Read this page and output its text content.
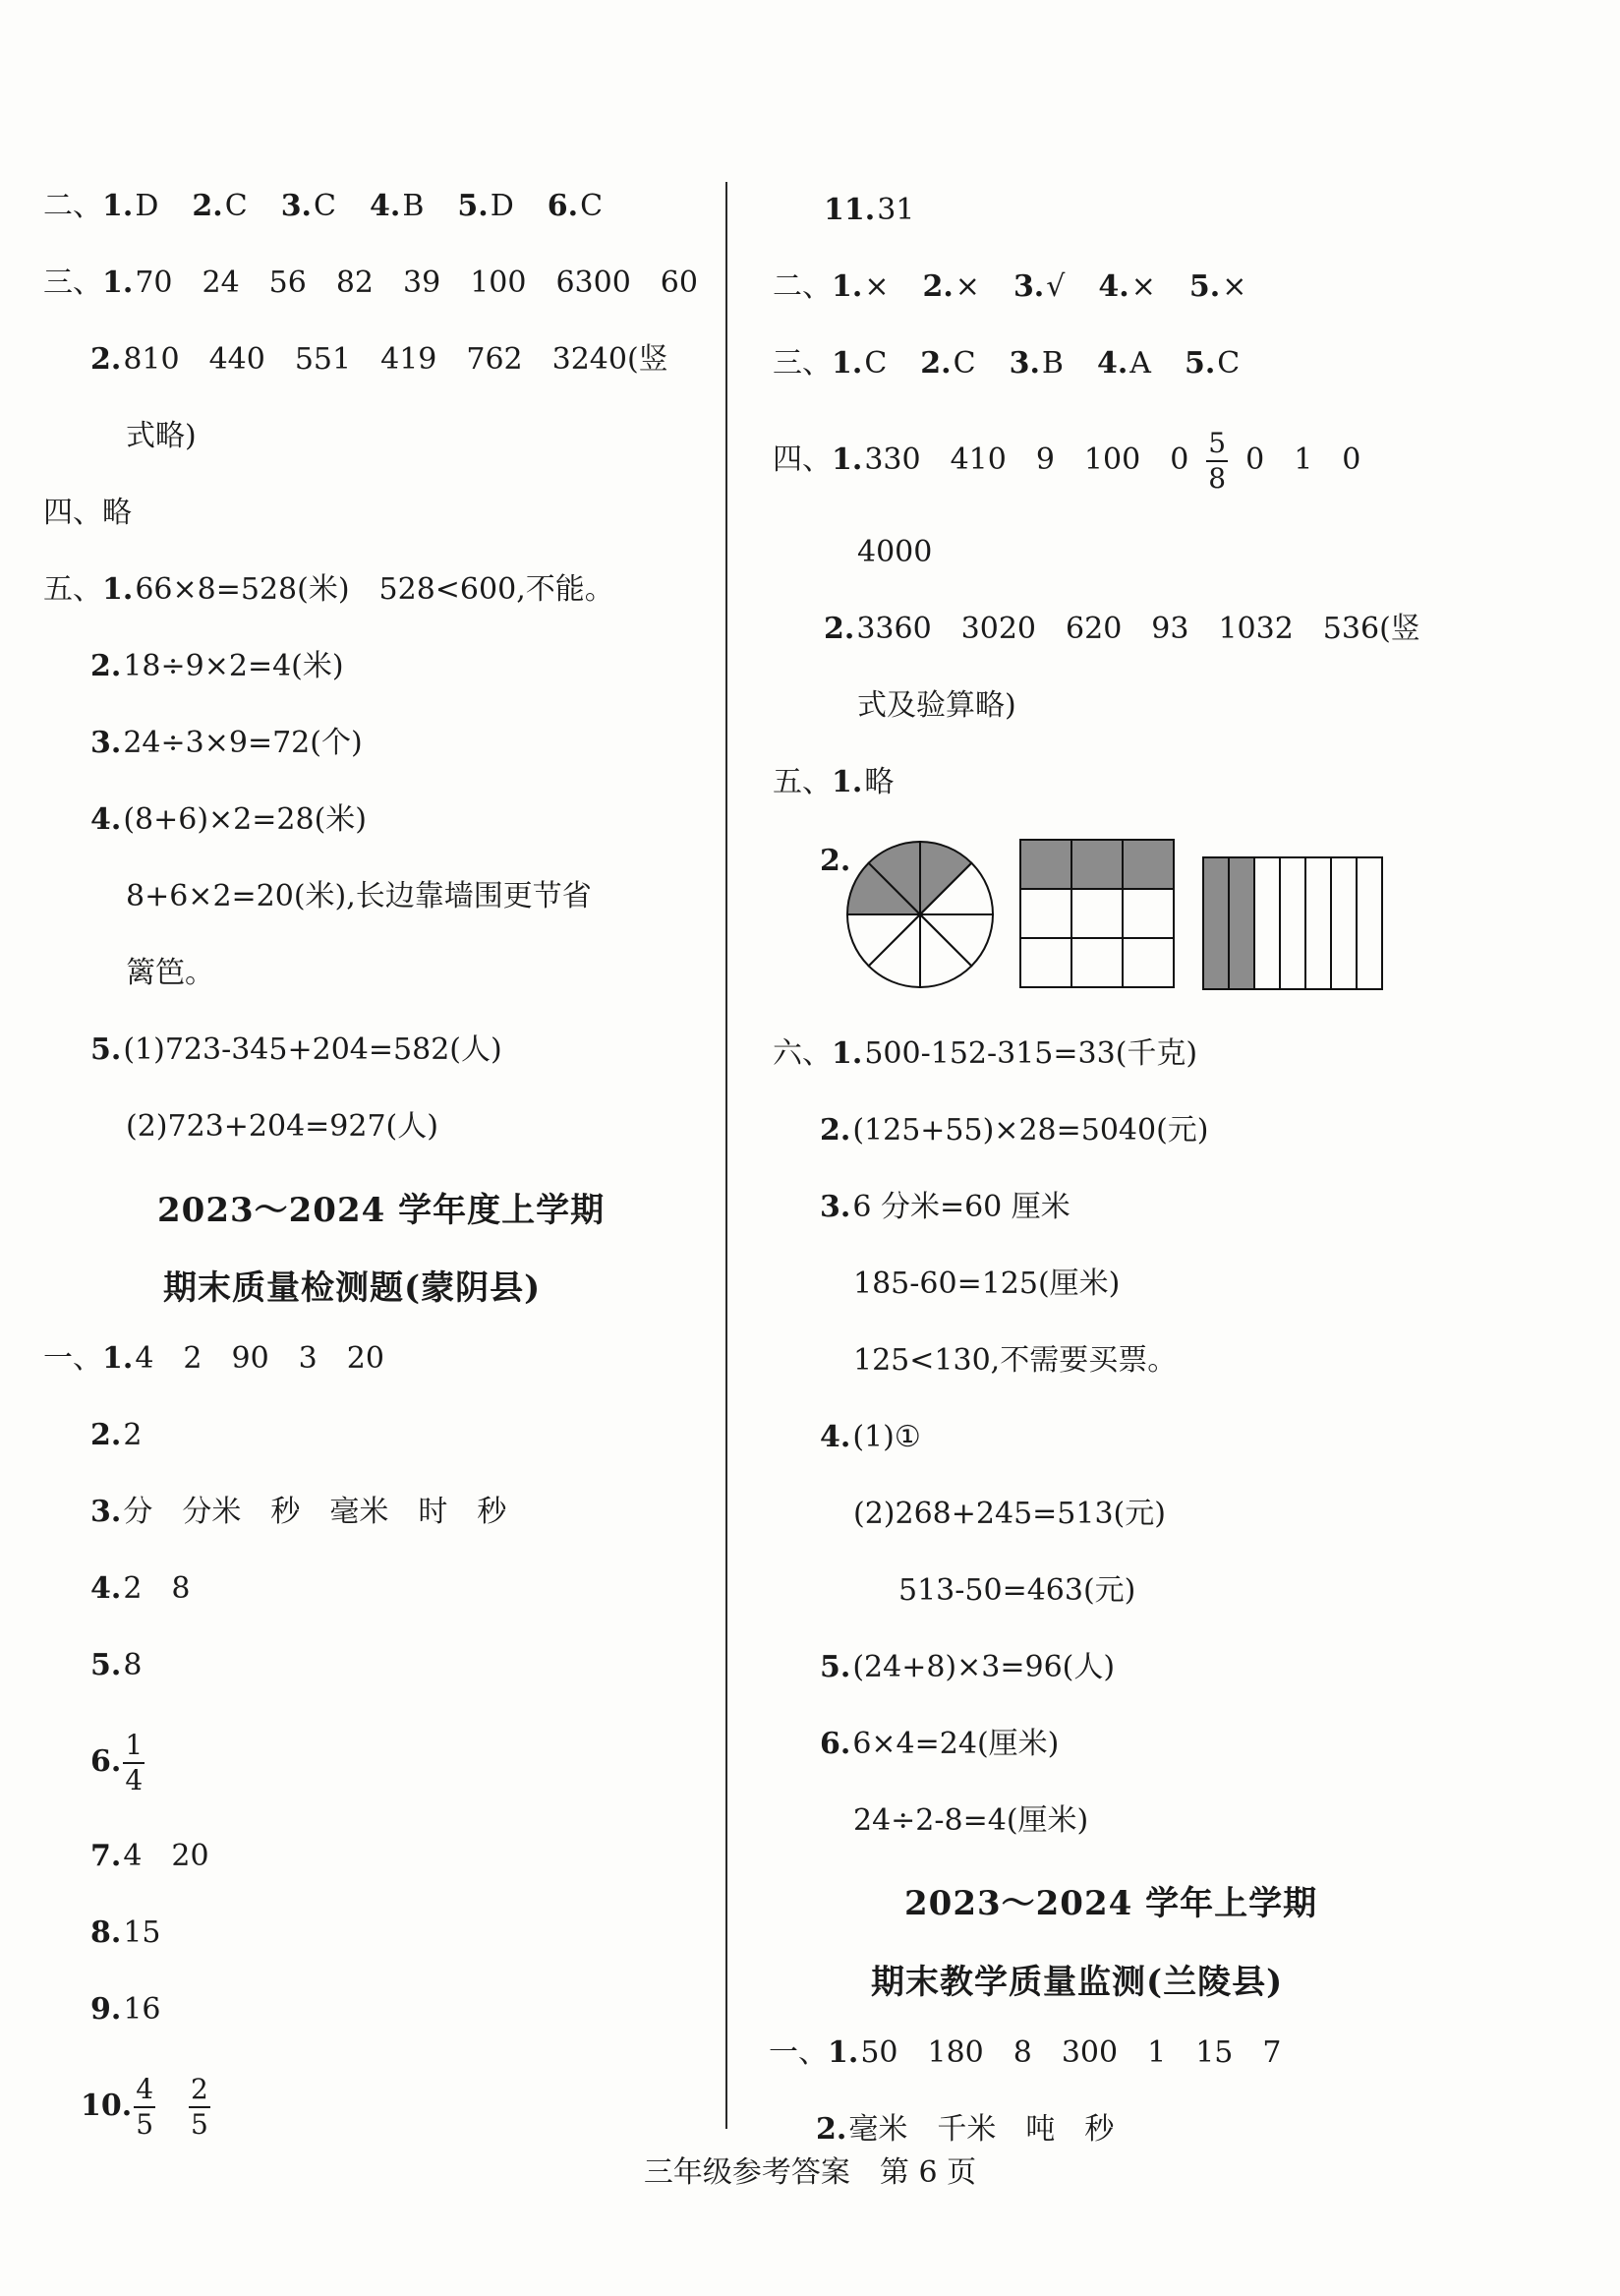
二、1.D 2.C 3.C 4.B 5.D 6.C
三、1.70　24　56　82　39　100　6300　60
2.810　440　551　419　762　3240(竖
式略)
四、略
五、1.66×8=528(米)　528<600,不能。
2.18÷9×2=4(米)
3.24÷3×9=72(个)
4.(8+6)×2=28(米)
8+6×2=20(米),长边靠墙围更节省
篱笆。
5.(1)723-345+204=582(人)
(2)723+204=927(人)
2023～2024 学年度上学期
期末质量检测题(蒙阴县)
一、1.4　2　90　3　20
2.2
3.分　分米　秒　毫米　时　秒
4.2　8
5.8
6. $\frac{1}{4}$
7.4　20
8.15
9.16
10. $\frac{4}{5} \frac{2}{5}$
11.31
二、1.× 2.× 3.√ 4.× 5.×
三、1.C 2.C 3.B 4.A 5.C
四、1.330　410　9　100　$0 \frac{5}{8} 0$　1　0
4000
2.3360　3020　620　93　1032　536(竖
式及验算略)
五、1.略
2.
六、1.500-152-315=33(千克)
2.(125+55)×28=5040(元)
3.6 分米=60 厘米
185-60=125(厘米)
125<130,不需要买票。
4.(1)①
(2)268+245=513(元)
513-50=463(元)
5.(24+8)×3=96(人)
6.6×4=24(厘米)
24÷2-8=4(厘米)
2023～2024 学年上学期
期末教学质量监测(兰陵县)
一、1.50　180　8　300　1　15　7
2.毫米　千米　吨　秒
三年级参考答案　第 6 页
